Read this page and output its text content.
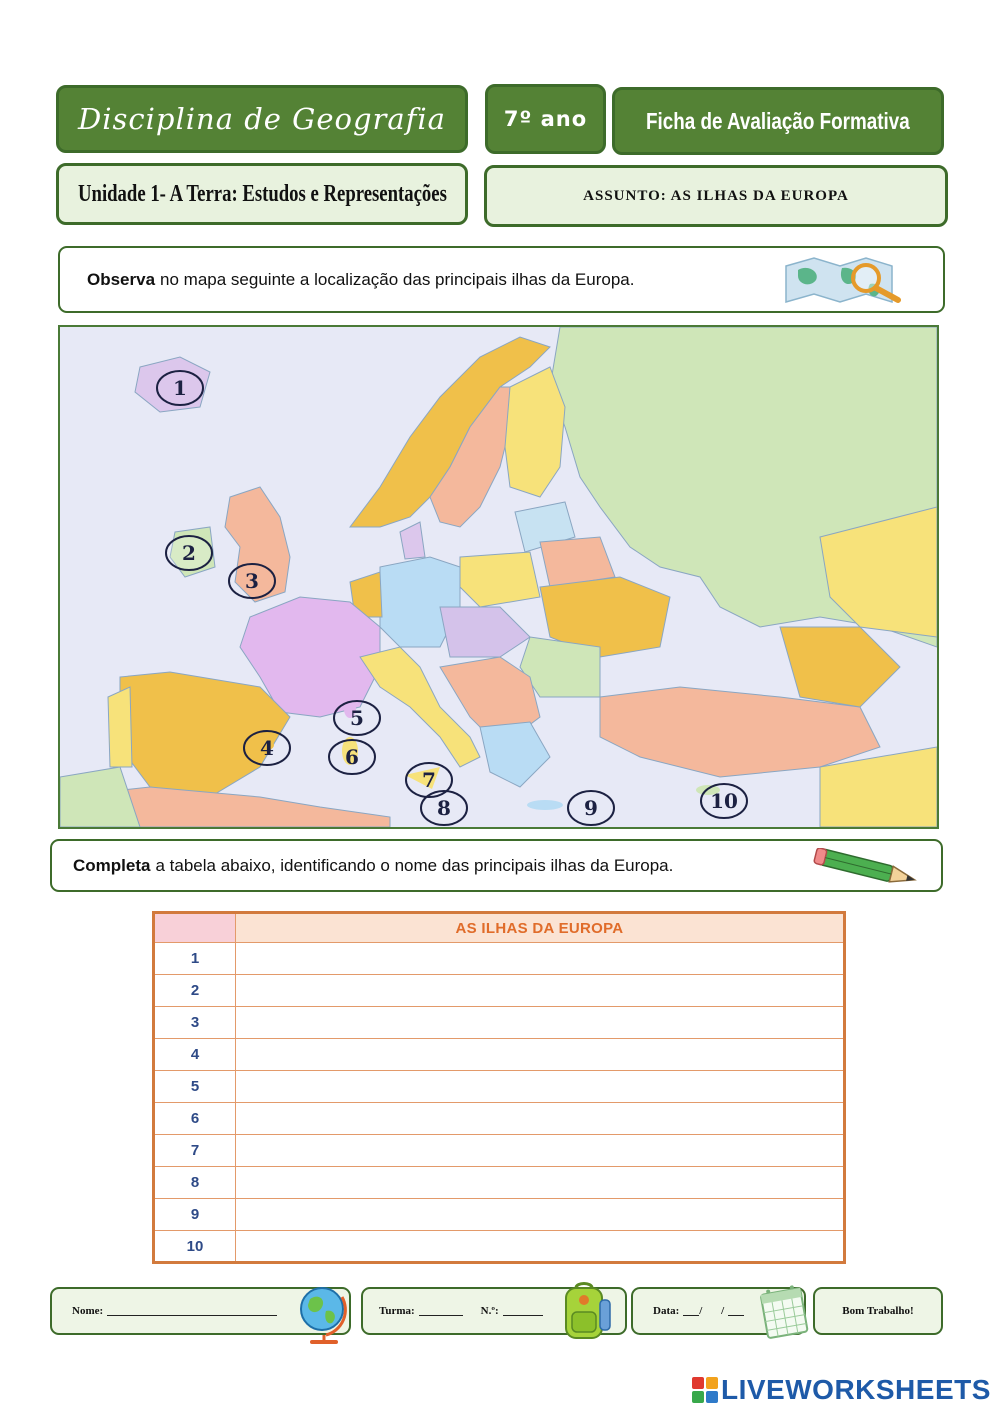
Disciplina de Geografia	7º ano	Ficha de Avaliação Formativa
Unidade 1- A Terra: Estudos e Representações	ASSUNTO: AS ILHAS DA EUROPA
Observa no mapa seguinte a localização das principais ilhas da Europa.
1
2
3
4
5
6
7
8	9	10
Completa a tabela abaixo, identificando o nome das principais ilhas da Europa.
	AS ILHAS DA EUROPA
1	
2	
3	
4	
5	
6	
7	
8	
9	
10	
Nome:	Turma:	N.º:	Data: / /	Bom Trabalho!
LIVEWORKSHEETS
